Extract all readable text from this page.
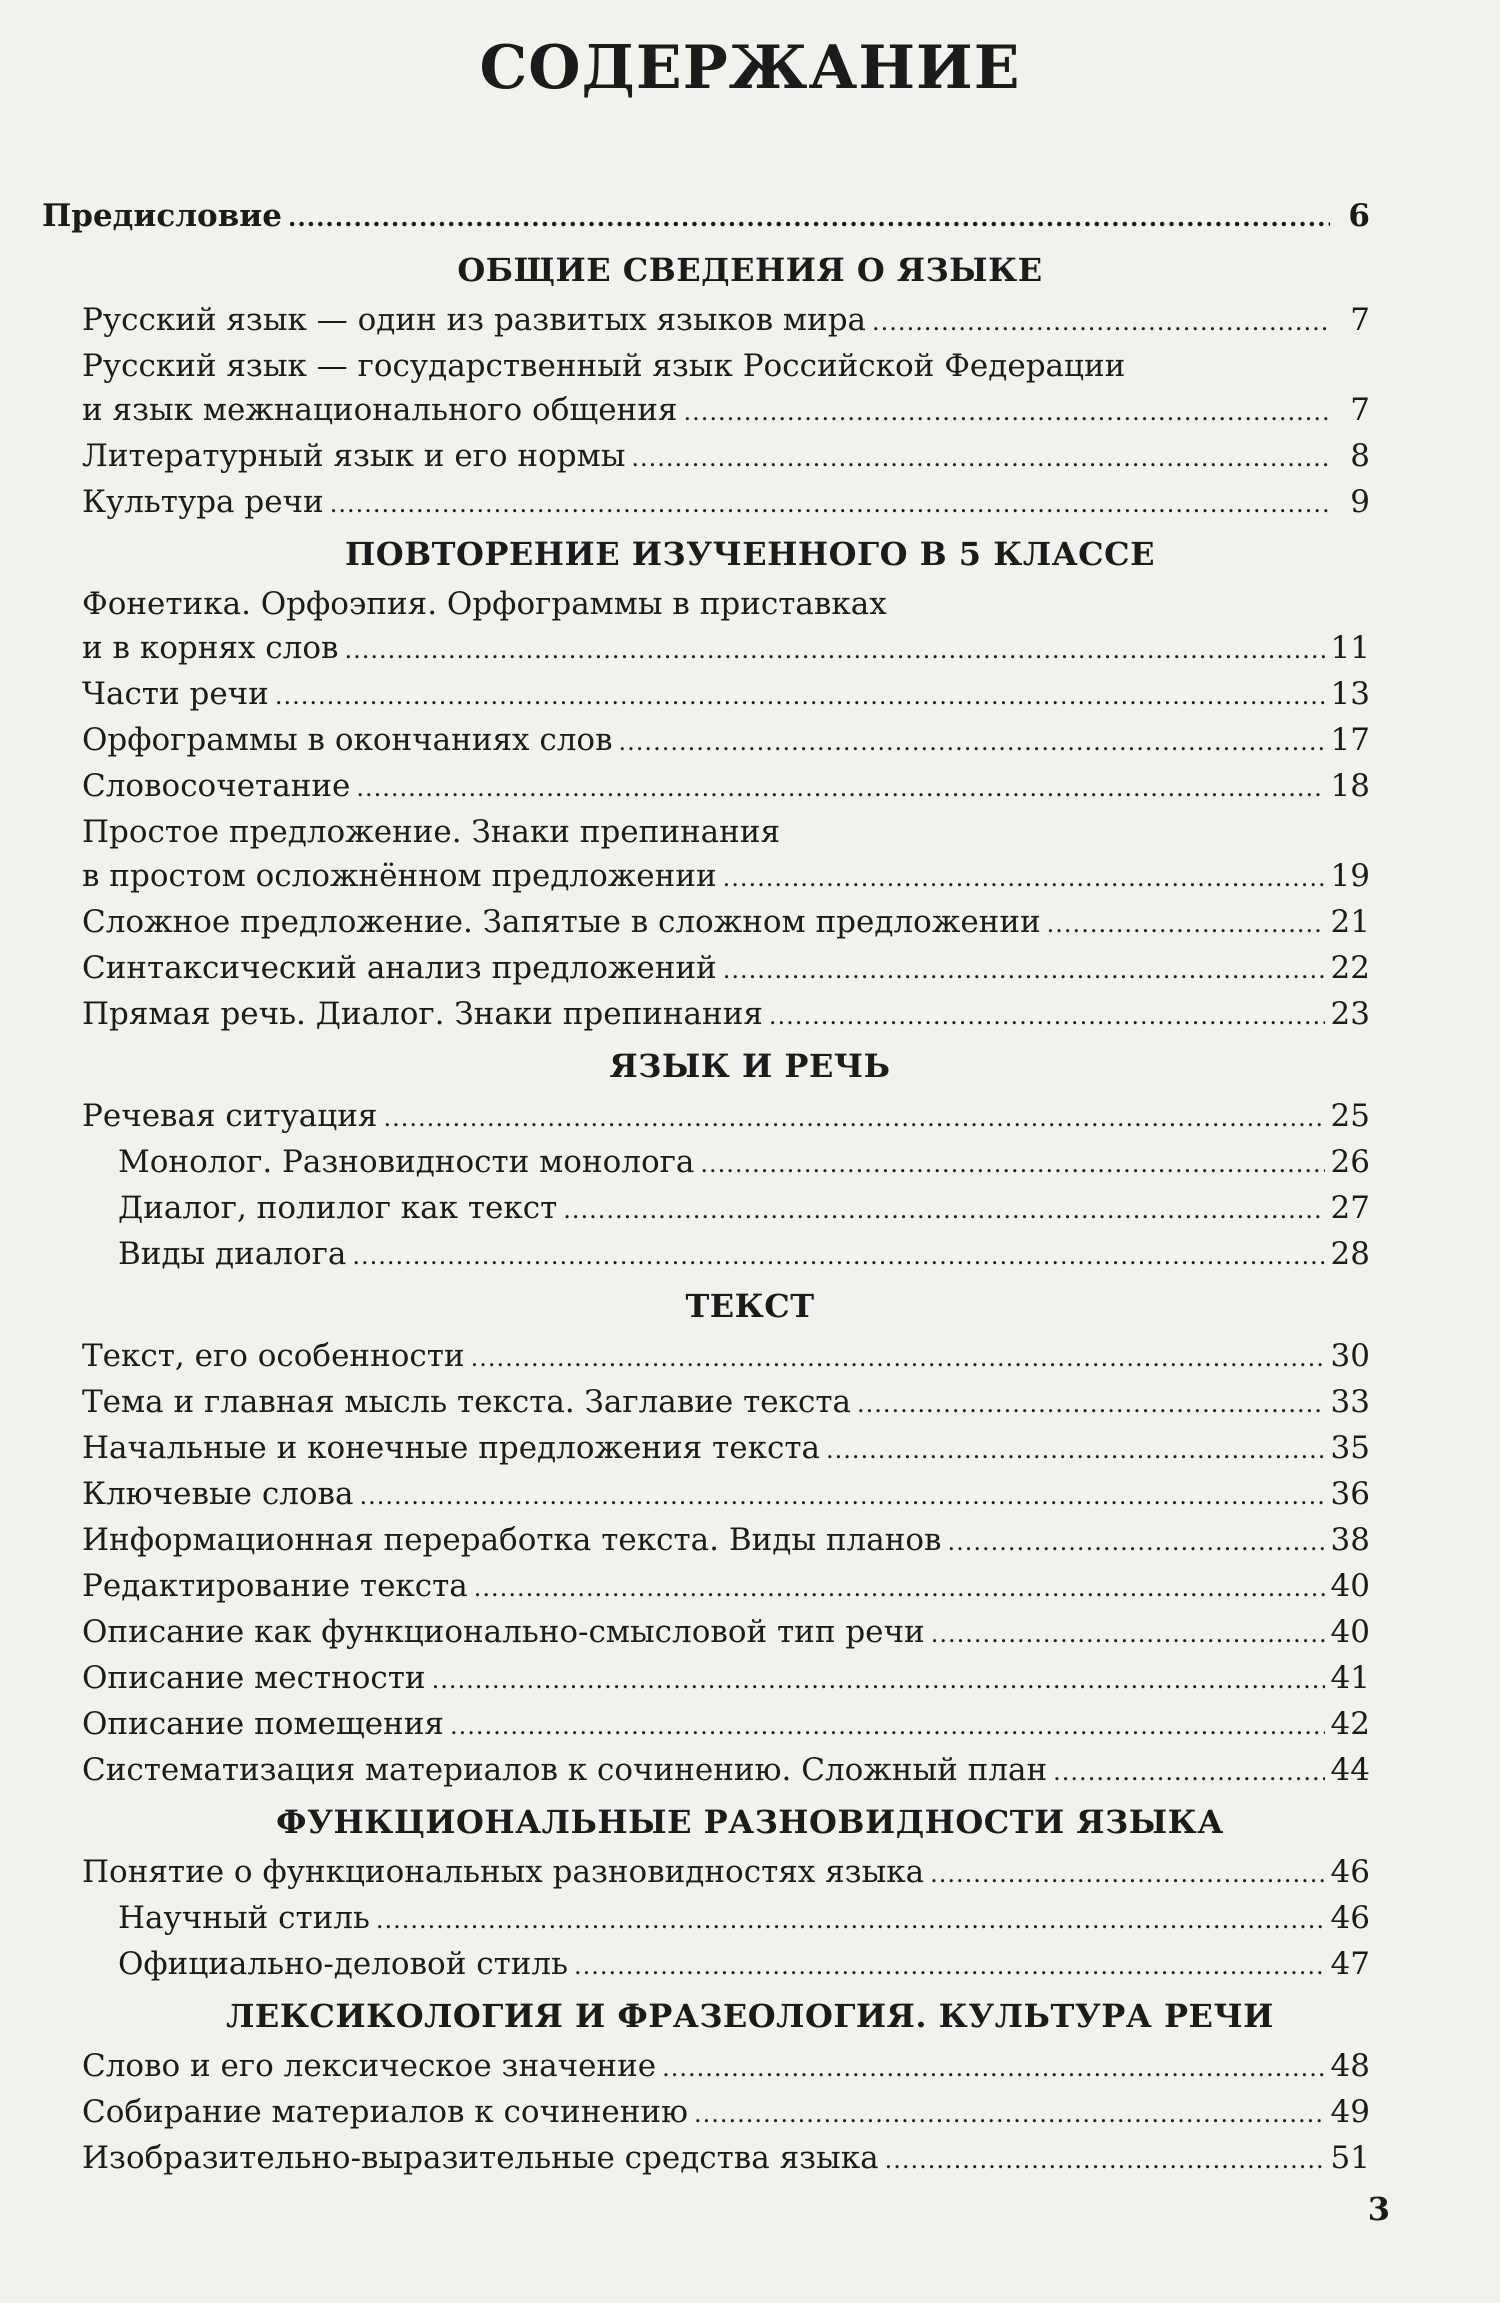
СОДЕРЖАНИЕ
Предисловие .....	6
ОБЩИЕ СВЕДЕНИЯ О ЯЗЫКЕ
Русский язык — один из развитых языков мира .....	7
Русский язык — государственный язык Российской Федерации
и язык межнационального общения .....	7
Литературный язык и его нормы .....	8
Культура речи .....	9
ПОВТОРЕНИЕ ИЗУЧЕННОГО В 5 КЛАССЕ
Фонетика. Орфоэпия. Орфограммы в приставках
и в корнях слов .....	11
Части речи .....	13
Орфограммы в окончаниях слов .....	17
Словосочетание .....	18
Простое предложение. Знаки препинания
в простом осложнённом предложении .....	19
Сложное предложение. Запятые в сложном предложении .....	21
Синтаксический анализ предложений .....	22
Прямая речь. Диалог. Знаки препинания .....	23
ЯЗЫК И РЕЧЬ
Речевая ситуация .....	25
Монолог. Разновидности монолога .....	26
Диалог, полилог как текст .....	27
Виды диалога .....	28
ТЕКСТ
Текст, его особенности .....	30
Тема и главная мысль текста. Заглавие текста .....	33
Начальные и конечные предложения текста .....	35
Ключевые слова .....	36
Информационная переработка текста. Виды планов .....	38
Редактирование текста .....	40
Описание как функционально-смысловой тип речи .....	40
Описание местности .....	41
Описание помещения .....	42
Систематизация материалов к сочинению. Сложный план .....	44
ФУНКЦИОНАЛЬНЫЕ РАЗНОВИДНОСТИ ЯЗЫКА
Понятие о функциональных разновидностях языка .....	46
Научный стиль .....	46
Официально-деловой стиль .....	47
ЛЕКСИКОЛОГИЯ И ФРАЗЕОЛОГИЯ. КУЛЬТУРА РЕЧИ
Слово и его лексическое значение .....	48
Собирание материалов к сочинению .....	49
Изобразительно-выразительные средства языка .....	51
3
